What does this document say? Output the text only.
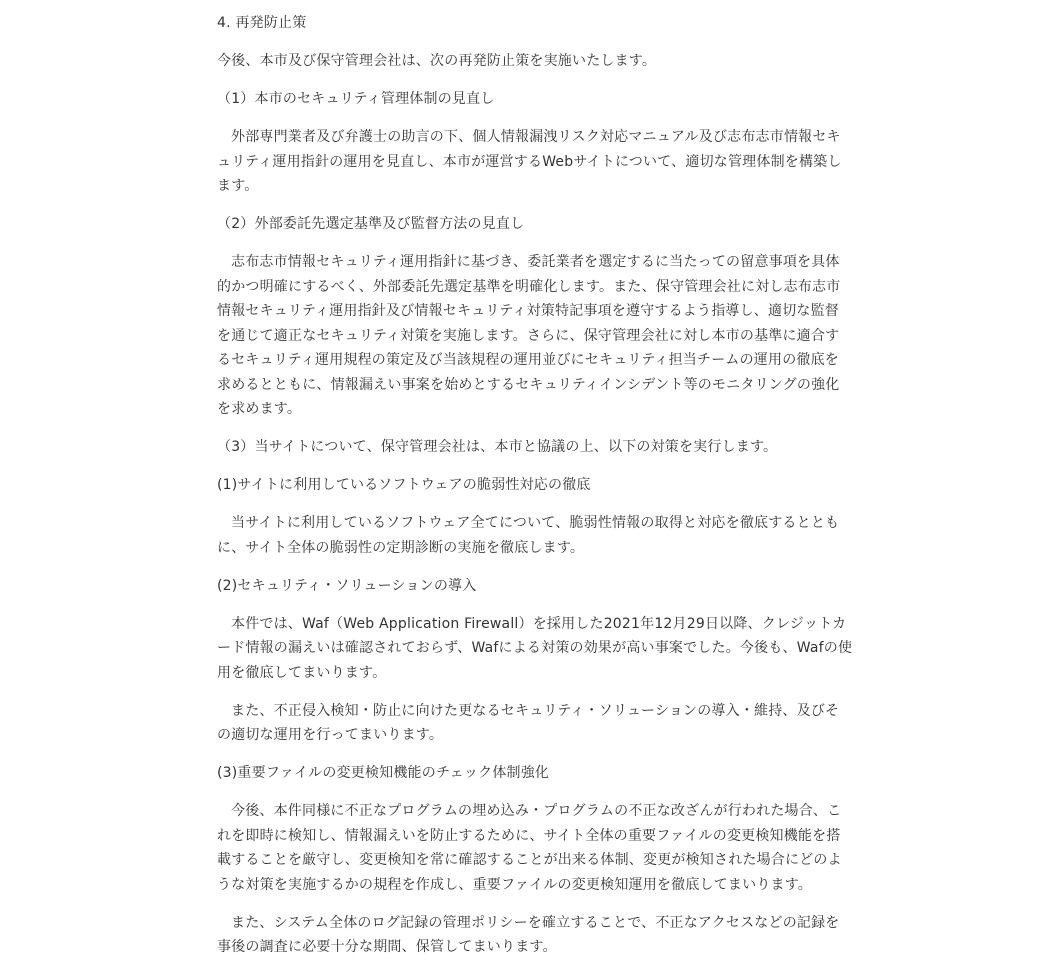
4. 再発防止策

今後、本市及び保守管理会社は、次の再発防止策を実施いたします。

（1）本市のセキュリティ管理体制の見直し

外部専門業者及び弁護士の助言の下、個人情報漏洩リスク対応マニュアル及び志布志市情報セキュリティ運用指針の運用を見直し、本市が運営するWebサイトについて、適切な管理体制を構築します。

（2）外部委託先選定基準及び監督方法の見直し

志布志市情報セキュリティ運用指針に基づき、委託業者を選定するに当たっての留意事項を具体的かつ明確にするべく、外部委託先選定基準を明確化します。また、保守管理会社に対し志布志市情報セキュリティ運用指針及び情報セキュリティ対策特記事項を遵守するよう指導し、適切な監督を通じて適正なセキュリティ対策を実施します。さらに、保守管理会社に対し本市の基準に適合するセキュリティ運用規程の策定及び当該規程の運用並びにセキュリティ担当チームの運用の徹底を求めるとともに、情報漏えい事案を始めとするセキュリティインシデント等のモニタリングの強化を求めます。

（3）当サイトについて、保守管理会社は、本市と協議の上、以下の対策を実行します。

(1)サイトに利用しているソフトウェアの脆弱性対応の徹底

当サイトに利用しているソフトウェア全てについて、脆弱性情報の取得と対応を徹底するとともに、サイト全体の脆弱性の定期診断の実施を徹底します。

(2)セキュリティ・ソリューションの導入

本件では、Waf（Web Application Firewall）を採用した2021年12月29日以降、クレジットカード情報の漏えいは確認されておらず、Wafによる対策の効果が高い事案でした。今後も、Wafの使用を徹底してまいります。

また、不正侵入検知・防止に向けた更なるセキュリティ・ソリューションの導入・維持、及びその適切な運用を行ってまいります。

(3)重要ファイルの変更検知機能のチェック体制強化

今後、本件同様に不正なプログラムの埋め込み・プログラムの不正な改ざんが行われた場合、これを即時に検知し、情報漏えいを防止するために、サイト全体の重要ファイルの変更検知機能を搭載することを厳守し、変更検知を常に確認することが出来る体制、変更が検知された場合にどのような対策を実施するかの規程を作成し、重要ファイルの変更検知運用を徹底してまいります。

また、システム全体のログ記録の管理ポリシーを確立することで、不正なアクセスなどの記録を事後の調査に必要十分な期間、保管してまいります。
